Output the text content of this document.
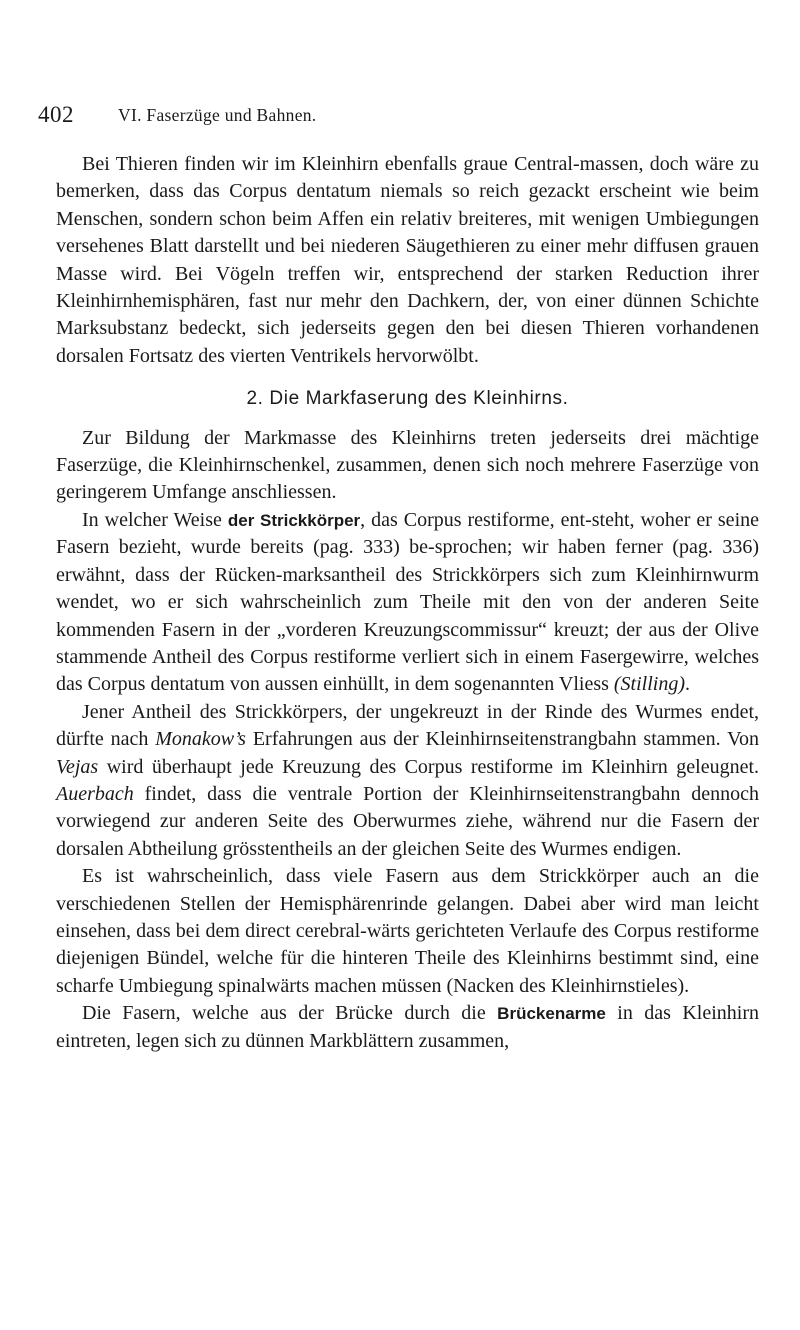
402	VI. Faserzüge und Bahnen.

Bei Thieren finden wir im Kleinhirn ebenfalls graue Central-massen, doch wäre zu bemerken, dass das Corpus dentatum niemals so reich gezackt erscheint wie beim Menschen, sondern schon beim Affen ein relativ breiteres, mit wenigen Umbiegungen versehenes Blatt darstellt und bei niederen Säugethieren zu einer mehr diffusen grauen Masse wird. Bei Vögeln treffen wir, entsprechend der starken Reduction ihrer Kleinhirnhemisphären, fast nur mehr den Dachkern, der, von einer dünnen Schichte Marksubstanz bedeckt, sich jederseits gegen den bei diesen Thieren vorhandenen dorsalen Fortsatz des vierten Ventrikels hervorwölbt.

2. Die Markfaserung des Kleinhirns.

Zur Bildung der Markmasse des Kleinhirns treten jederseits drei mächtige Faserzüge, die Kleinhirnschenkel, zusammen, denen sich noch mehrere Faserzüge von geringerem Umfange anschliessen.

In welcher Weise der Strickkörper, das Corpus restiforme, ent-steht, woher er seine Fasern bezieht, wurde bereits (pag. 333) be-sprochen; wir haben ferner (pag. 336) erwähnt, dass der Rücken-marksantheil des Strickkörpers sich zum Kleinhirnwurm wendet, wo er sich wahrscheinlich zum Theile mit den von der anderen Seite kommenden Fasern in der „vorderen Kreuzungscommissur“ kreuzt; der aus der Olive stammende Antheil des Corpus restiforme verliert sich in einem Fasergewirre, welches das Corpus dentatum von aussen einhüllt, in dem sogenannten Vliess (Stilling).

Jener Antheil des Strickkörpers, der ungekreuzt in der Rinde des Wurmes endet, dürfte nach Monakow’s Erfahrungen aus der Kleinhirnseitenstrangbahn stammen. Von Vejas wird überhaupt jede Kreuzung des Corpus restiforme im Kleinhirn geleugnet. Auerbach findet, dass die ventrale Portion der Kleinhirnseitenstrangbahn dennoch vorwiegend zur anderen Seite des Oberwurmes ziehe, während nur die Fasern der dorsalen Abtheilung grösstentheils an der gleichen Seite des Wurmes endigen.

Es ist wahrscheinlich, dass viele Fasern aus dem Strickkörper auch an die verschiedenen Stellen der Hemisphärenrinde gelangen. Dabei aber wird man leicht einsehen, dass bei dem direct cerebral-wärts gerichteten Verlaufe des Corpus restiforme diejenigen Bündel, welche für die hinteren Theile des Kleinhirns bestimmt sind, eine scharfe Umbiegung spinalwärts machen müssen (Nacken des Kleinhirnstieles).

Die Fasern, welche aus der Brücke durch die Brückenarme in das Kleinhirn eintreten, legen sich zu dünnen Markblättern zusammen,
